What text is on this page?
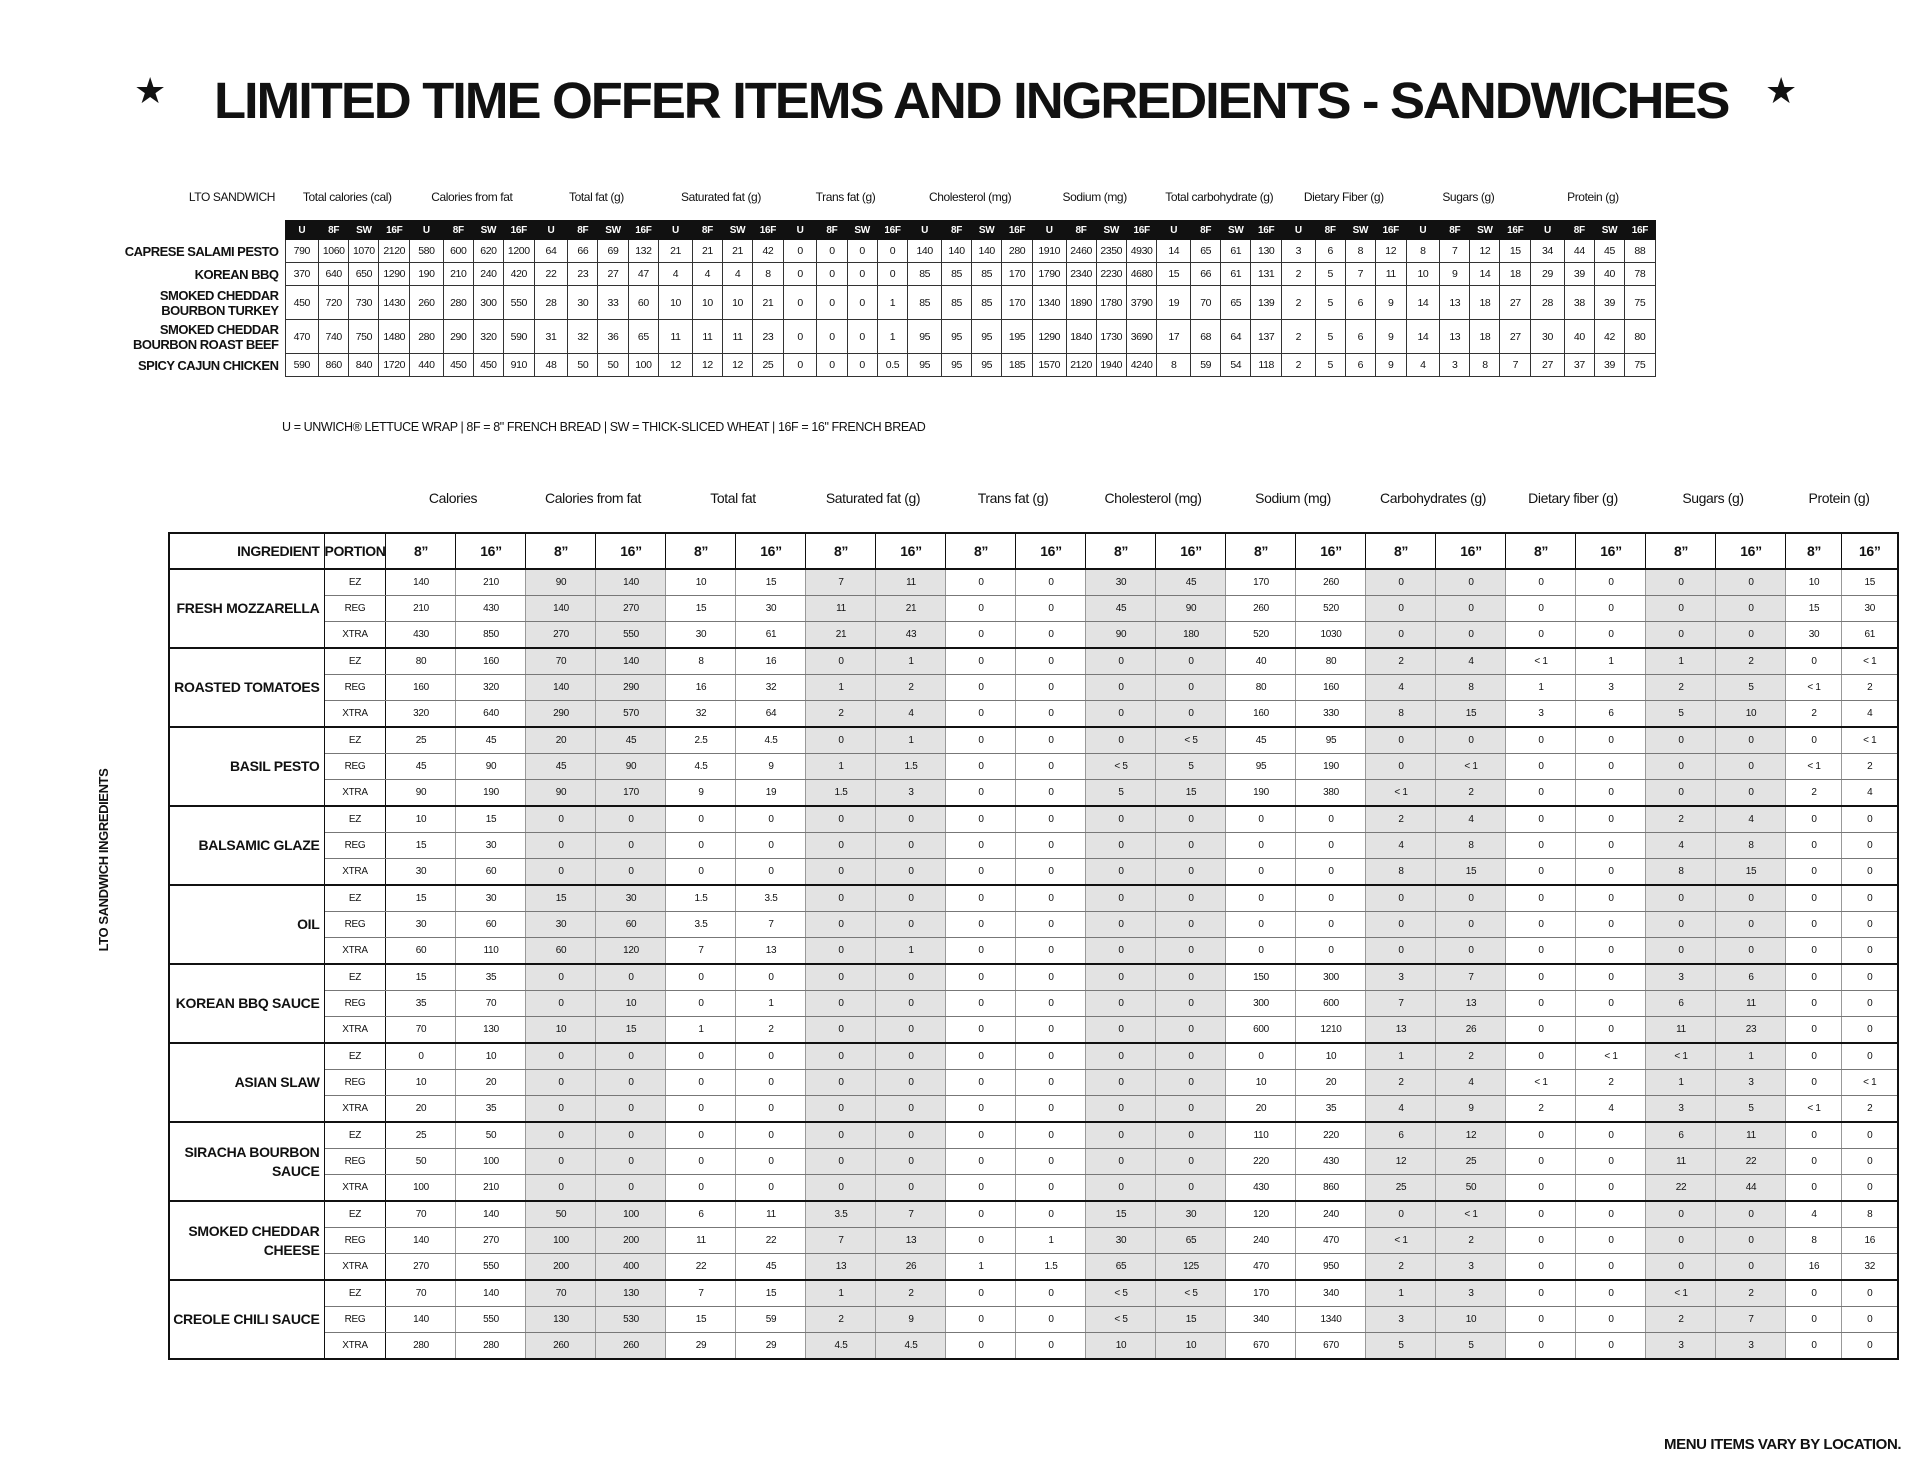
★ LIMITED TIME OFFER ITEMS AND INGREDIENTS - SANDWICHES	★
LTO SANDWICH	Total calories (cal)				Calories from fat				Total fat (g)				Saturated fat (g)				Trans fat (g)				Cholesterol (mg)				Sodium (mg)				Total carbohydrate (g)				Dietary Fiber (g)				Sugars (g)				Protein (g)			
	U	8F	SW	16F	U	8F	SW	16F	U	8F	SW	16F	U	8F	SW	16F	U	8F	SW	16F	U	8F	SW	16F	U	8F	SW	16F	U	8F	SW	16F	U	8F	SW	16F	U	8F	SW	16F	U	8F	SW	16F
CAPRESE SALAMI PESTO	790	1060	1070	2120	580	600	620	1200	64	66	69	132	21	21	21	42	0	0	0	0	140	140	140	280	1910	2460	2350	4930	14	65	61	130	3	6	8	12	8	7	12	15	34	44	45	88
KOREAN BBQ	370	640	650	1290	190	210	240	420	22	23	27	47	4	4	4	8	0	0	0	0	85	85	85	170	1790	2340	2230	4680	15	66	61	131	2	5	7	11	10	9	14	18	29	39	40	78
SMOKED CHEDDAR BOURBON TURKEY	450	720	730	1430	260	280	300	550	28	30	33	60	10	10	10	21	0	0	0	1	85	85	85	170	1340	1890	1780	3790	19	70	65	139	2	5	6	9	14	13	18	27	28	38	39	75
SMOKED CHEDDAR BOURBON ROAST BEEF	470	740	750	1480	280	290	320	590	31	32	36	65	11	11	11	23	0	0	0	1	95	95	95	195	1290	1840	1730	3690	17	68	64	137	2	5	6	9	14	13	18	27	30	40	42	80
SPICY CAJUN CHICKEN	590	860	840	1720	440	450	450	910	48	50	50	100	12	12	12	25	0	0	0	0.5	95	95	95	185	1570	2120	1940	4240	8	59	54	118	2	5	6	9	4	3	8	7	27	37	39	75
U = UNWICH® LETTUCE WRAP | 8F = 8" FRENCH BREAD | SW = THICK-SLICED WHEAT | 16F = 16" FRENCH BREAD
LTO SANDWICH INGREDIENTS
Calories	Calories from fat	Total fat	Saturated fat (g)	Trans fat (g)	Cholesterol (mg)	Sodium (mg)	Carbohydrates (g)	Dietary fiber (g)	Sugars (g)	Protein (g)
INGREDIENT	PORTION	8”	16”	8”	16”	8”	16”	8”	16”	8”	16”	8”	16”	8”	16”	8”	16”	8”	16”	8”	16”	8”	16”
FRESH MOZZARELLA	EZ	140	210	90	140	10	15	7	11	0	0	30	45	170	260	0	0	0	0	0	0	10	15
	REG	210	430	140	270	15	30	11	21	0	0	45	90	260	520	0	0	0	0	0	0	15	30
	XTRA	430	850	270	550	30	61	21	43	0	0	90	180	520	1030	0	0	0	0	0	0	30	61
ROASTED TOMATOES	EZ	80	160	70	140	8	16	0	1	0	0	0	0	40	80	2	4	< 1	1	1	2	0	< 1
	REG	160	320	140	290	16	32	1	2	0	0	0	0	80	160	4	8	1	3	2	5	< 1	2
	XTRA	320	640	290	570	32	64	2	4	0	0	0	0	160	330	8	15	3	6	5	10	2	4
BASIL PESTO	EZ	25	45	20	45	2.5	4.5	0	1	0	0	0	< 5	45	95	0	0	0	0	0	0	0	< 1
	REG	45	90	45	90	4.5	9	1	1.5	0	0	< 5	5	95	190	0	< 1	0	0	0	0	< 1	2
	XTRA	90	190	90	170	9	19	1.5	3	0	0	5	15	190	380	< 1	2	0	0	0	0	2	4
BALSAMIC GLAZE	EZ	10	15	0	0	0	0	0	0	0	0	0	0	0	0	2	4	0	0	2	4	0	0
	REG	15	30	0	0	0	0	0	0	0	0	0	0	0	0	4	8	0	0	4	8	0	0
	XTRA	30	60	0	0	0	0	0	0	0	0	0	0	0	0	8	15	0	0	8	15	0	0
OIL	EZ	15	30	15	30	1.5	3.5	0	0	0	0	0	0	0	0	0	0	0	0	0	0	0	0
	REG	30	60	30	60	3.5	7	0	0	0	0	0	0	0	0	0	0	0	0	0	0	0	0
	XTRA	60	110	60	120	7	13	0	1	0	0	0	0	0	0	0	0	0	0	0	0	0	0
KOREAN BBQ SAUCE	EZ	15	35	0	0	0	0	0	0	0	0	0	0	150	300	3	7	0	0	3	6	0	0
	REG	35	70	0	10	0	1	0	0	0	0	0	0	300	600	7	13	0	0	6	11	0	0
	XTRA	70	130	10	15	1	2	0	0	0	0	0	0	600	1210	13	26	0	0	11	23	0	0
ASIAN SLAW	EZ	0	10	0	0	0	0	0	0	0	0	0	0	0	10	1	2	0	< 1	< 1	1	0	0
	REG	10	20	0	0	0	0	0	0	0	0	0	0	10	20	2	4	< 1	2	1	3	0	< 1
	XTRA	20	35	0	0	0	0	0	0	0	0	0	0	20	35	4	9	2	4	3	5	< 1	2
SIRACHA BOURBON SAUCE	EZ	25	50	0	0	0	0	0	0	0	0	0	0	110	220	6	12	0	0	6	11	0	0
	REG	50	100	0	0	0	0	0	0	0	0	0	0	220	430	12	25	0	0	11	22	0	0
	XTRA	100	210	0	0	0	0	0	0	0	0	0	0	430	860	25	50	0	0	22	44	0	0
SMOKED CHEDDAR CHEESE	EZ	70	140	50	100	6	11	3.5	7	0	0	15	30	120	240	0	< 1	0	0	0	0	4	8
	REG	140	270	100	200	11	22	7	13	0	1	30	65	240	470	< 1	2	0	0	0	0	8	16
	XTRA	270	550	200	400	22	45	13	26	1	1.5	65	125	470	950	2	3	0	0	0	0	16	32
CREOLE CHILI SAUCE	EZ	70	140	70	130	7	15	1	2	0	0	< 5	< 5	170	340	1	3	0	0	< 1	2	0	0
	REG	140	550	130	530	15	59	2	9	0	0	< 5	15	340	1340	3	10	0	0	2	7	0	0
	XTRA	280	280	260	260	29	29	4.5	4.5	0	0	10	10	670	670	5	5	0	0	3	3	0	0
MENU ITEMS VARY BY LOCATION.
